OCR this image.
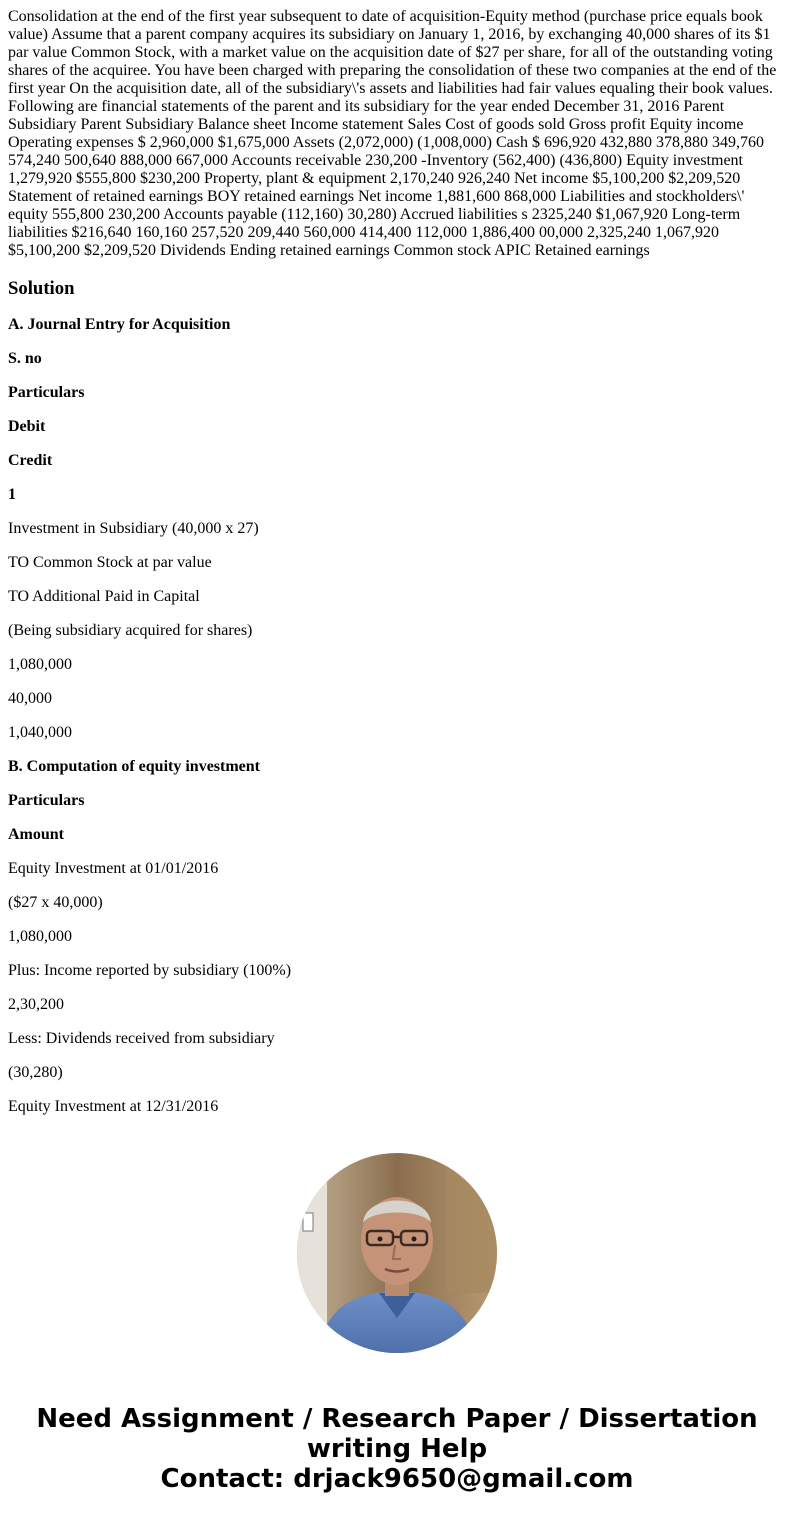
Consolidation at the end of the first year subsequent to date of acquisition-Equity method (purchase price equals book value) Assume that a parent company acquires its subsidiary on January 1, 2016, by exchanging 40,000 shares of its $1 par value Common Stock, with a market value on the acquisition date of $27 per share, for all of the outstanding voting shares of the acquiree. You have been charged with preparing the consolidation of these two companies at the end of the first year On the acquisition date, all of the subsidiary\'s assets and liabilities had fair values equaling their book values. Following are financial statements of the parent and its subsidiary for the year ended December 31, 2016 Parent Subsidiary Parent Subsidiary Balance sheet Income statement Sales Cost of goods sold Gross profit Equity income Operating expenses $ 2,960,000 $1,675,000 Assets (2,072,000) (1,008,000) Cash $ 696,920 432,880 378,880 349,760 574,240 500,640 888,000 667,000 Accounts receivable 230,200 -Inventory (562,400) (436,800) Equity investment 1,279,920 $555,800 $230,200 Property, plant & equipment 2,170,240 926,240 Net income $5,100,200 $2,209,520 Statement of retained earnings BOY retained earnings Net income 1,881,600 868,000 Liabilities and stockholders\' equity 555,800 230,200 Accounts payable (112,160) 30,280) Accrued liabilities s 2325,240 $1,067,920 Long-term liabilities $216,640 160,160 257,520 209,440 560,000 414,400 112,000 1,886,400 00,000 2,325,240 1,067,920 $5,100,200 $2,209,520 Dividends Ending retained earnings Common stock APIC Retained earnings

Solution

A. Journal Entry for Acquisition

S. no

Particulars

Debit

Credit

1

Investment in Subsidiary (40,000 x 27)

TO Common Stock at par value

TO Additional Paid in Capital

(Being subsidiary acquired for shares)

1,080,000

40,000

1,040,000

B. Computation of equity investment

Particulars

Amount

Equity Investment at 01/01/2016

($27 x 40,000)

1,080,000

Plus: Income reported by subsidiary (100%)

2,30,200

Less: Dividends received from subsidiary

(30,280)

Equity Investment at 12/31/2016

Need Assignment / Research Paper / Dissertation
writing Help
Contact: drjack9650@gmail.com
